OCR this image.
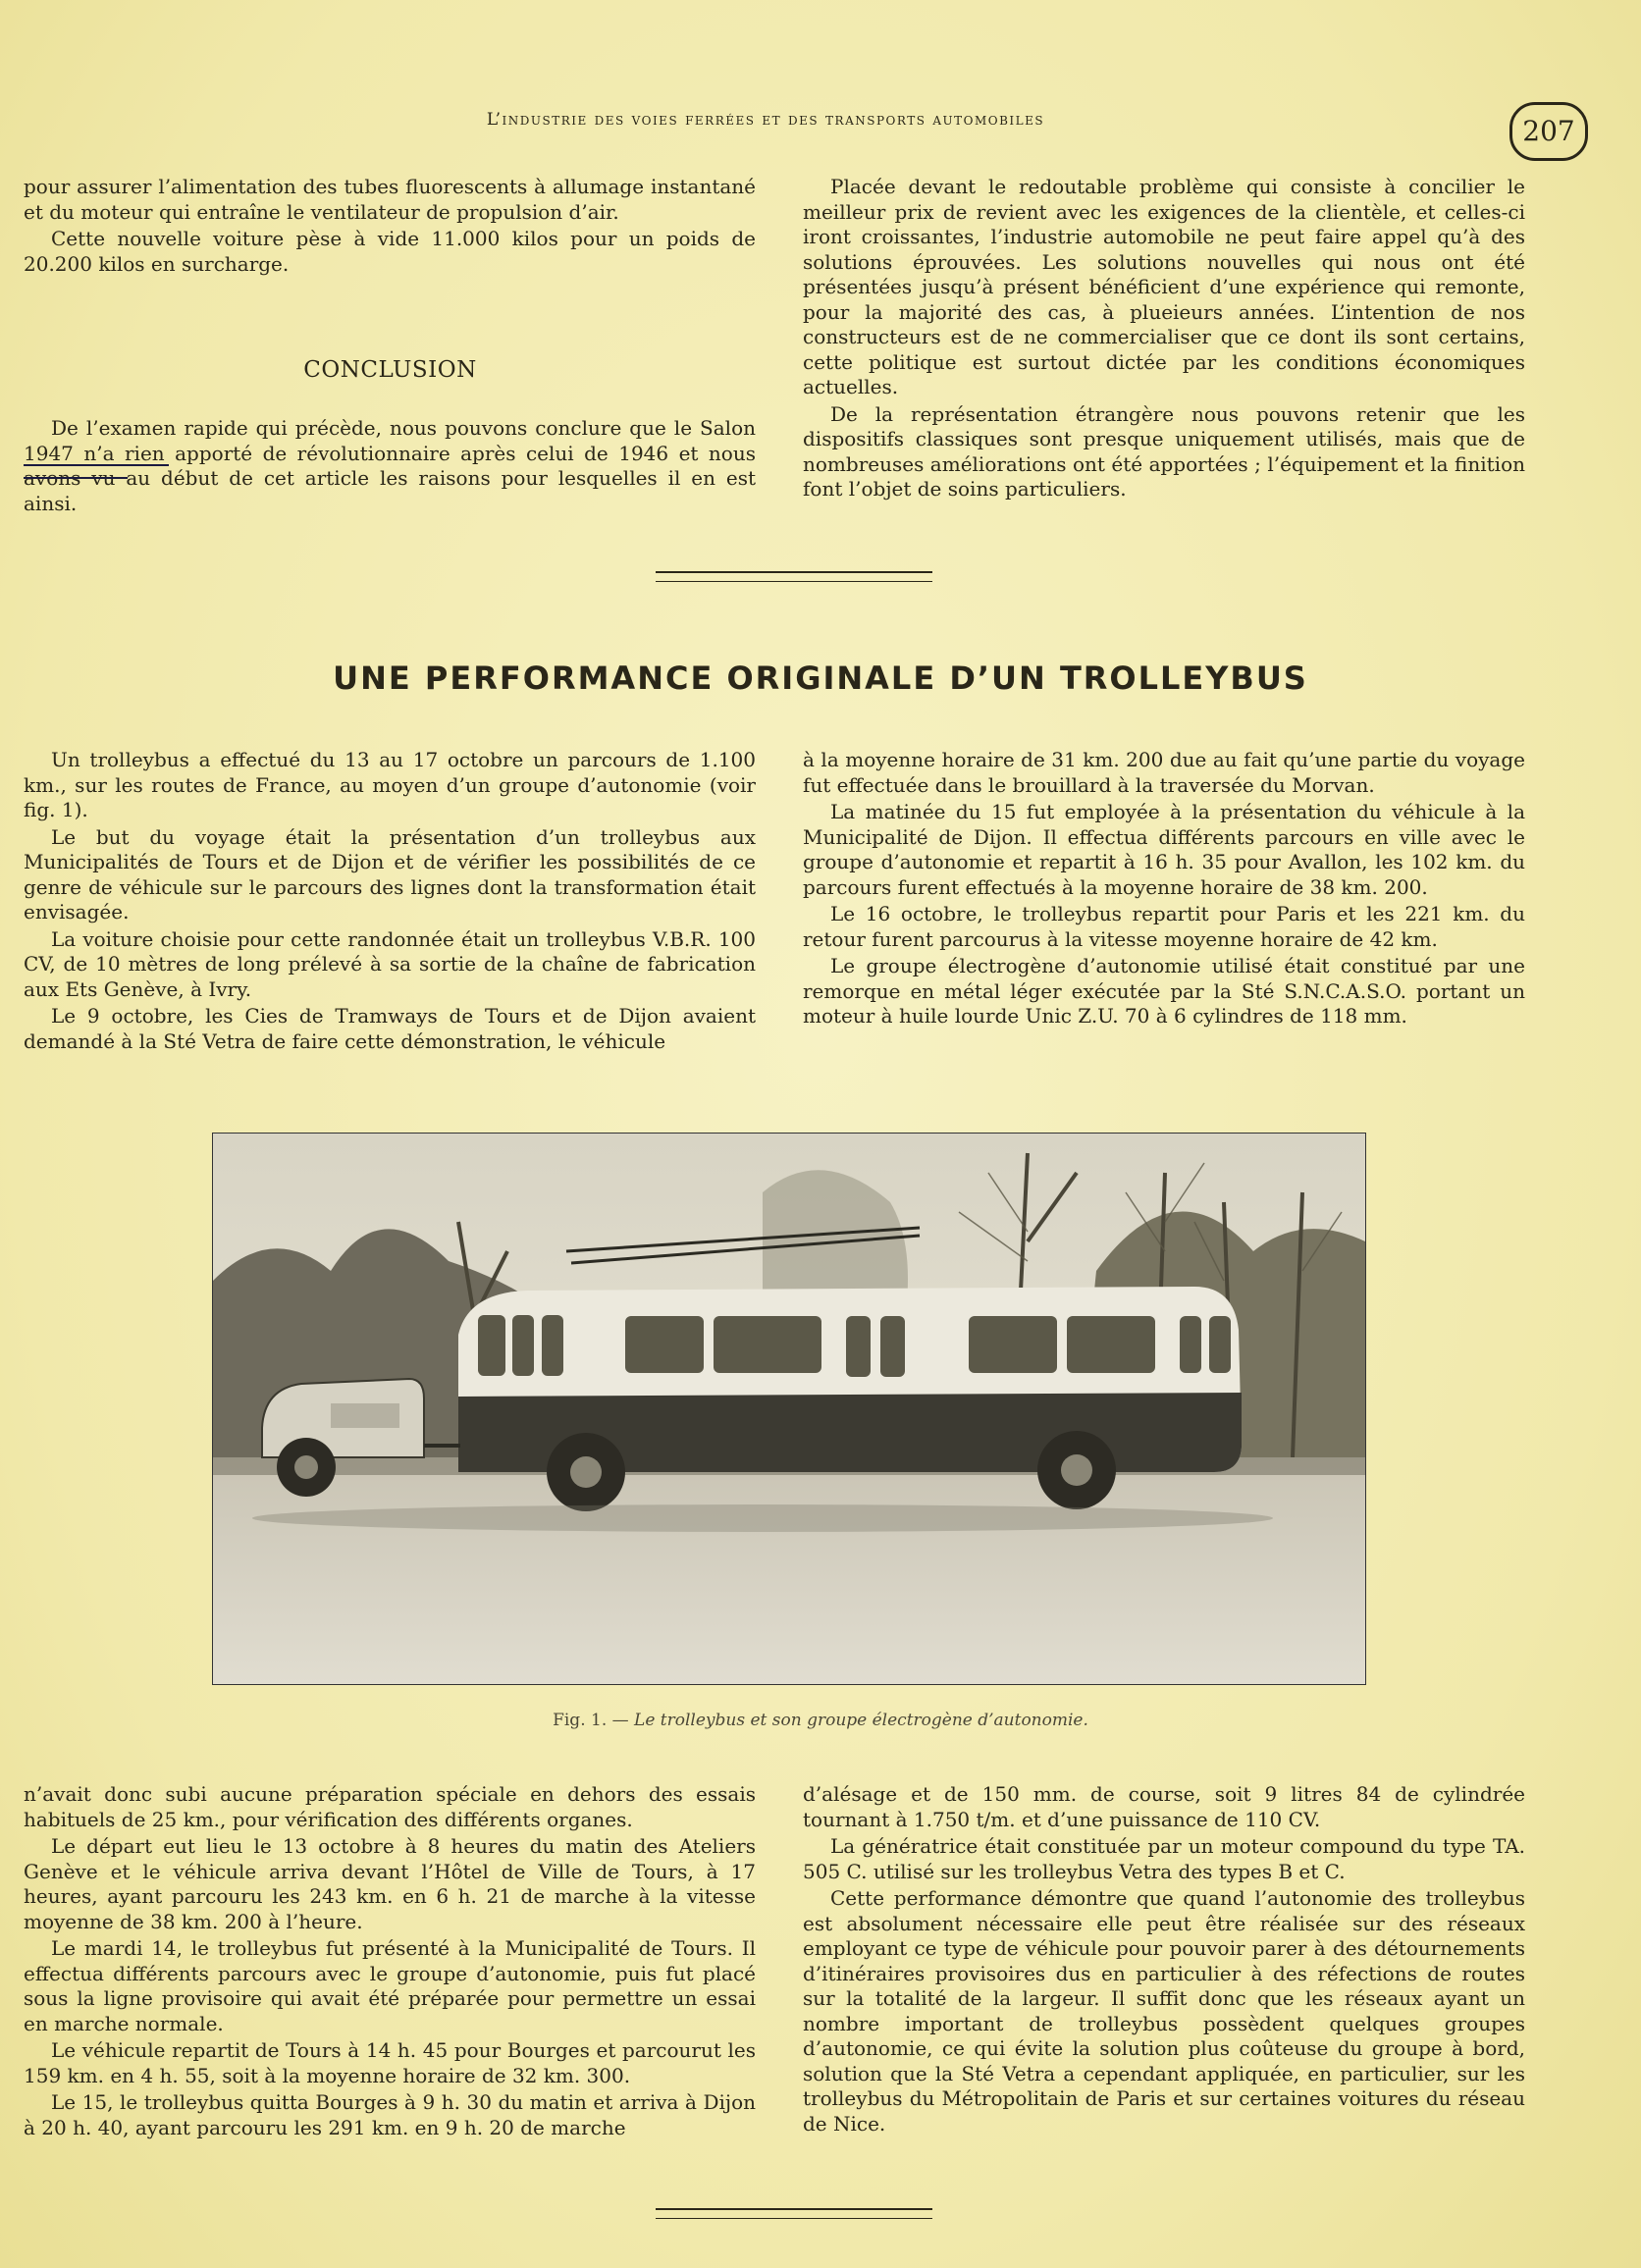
L’industrie des voies ferrées et des transports automobiles	207

pour assurer l’alimentation des tubes fluorescents à allumage instantané et du moteur qui entraîne le ventilateur de propulsion d’air.

Cette nouvelle voiture pèse à vide 11.000 kilos pour un poids de 20.200 kilos en surcharge.

CONCLUSION

De l’examen rapide qui précède, nous pouvons conclure que le Salon 1947 n’a rien apporté de révolutionnaire après celui de 1946 et nous avons vu au début de cet article les raisons pour lesquelles il en est ainsi.

Placée devant le redoutable problème qui consiste à concilier le meilleur prix de revient avec les exigences de la clientèle, et celles-ci iront croissantes, l’industrie automobile ne peut faire appel qu’à des solutions éprouvées. Les solutions nouvelles qui nous ont été présentées jusqu’à présent bénéficient d’une expérience qui remonte, pour la majorité des cas, à plueieurs années. L’intention de nos constructeurs est de ne commercialiser que ce dont ils sont certains, cette politique est surtout dictée par les conditions économiques actuelles.

De la représentation étrangère nous pouvons retenir que les dispositifs classiques sont presque uniquement utilisés, mais que de nombreuses améliorations ont été apportées ; l’équipement et la finition font l’objet de soins particuliers.

UNE PERFORMANCE ORIGINALE D’UN TROLLEYBUS

Un trolleybus a effectué du 13 au 17 octobre un parcours de 1.100 km., sur les routes de France, au moyen d’un groupe d’autonomie (voir fig. 1).

Le but du voyage était la présentation d’un trolleybus aux Municipalités de Tours et de Dijon et de vérifier les possibilités de ce genre de véhicule sur le parcours des lignes dont la transformation était envisagée.

La voiture choisie pour cette randonnée était un trolleybus V.B.R. 100 CV, de 10 mètres de long prélevé à sa sortie de la chaîne de fabrication aux Ets Genève, à Ivry.

Le 9 octobre, les Cies de Tramways de Tours et de Dijon avaient demandé à la Sté Vetra de faire cette démonstration, le véhicule

à la moyenne horaire de 31 km. 200 due au fait qu’une partie du voyage fut effectuée dans le brouillard à la traversée du Morvan.

La matinée du 15 fut employée à la présentation du véhicule à la Municipalité de Dijon. Il effectua différents parcours en ville avec le groupe d’autonomie et repartit à 16 h. 35 pour Avallon, les 102 km. du parcours furent effectués à la moyenne horaire de 38 km. 200.

Le 16 octobre, le trolleybus repartit pour Paris et les 221 km. du retour furent parcourus à la vitesse moyenne horaire de 42 km.

Le groupe électrogène d’autonomie utilisé était constitué par une remorque en métal léger exécutée par la Sté S.N.C.A.S.O. portant un moteur à huile lourde Unic Z.U. 70 à 6 cylindres de 118 mm.

Fig. 1. — Le trolleybus et son groupe électrogène d’autonomie.

n’avait donc subi aucune préparation spéciale en dehors des essais habituels de 25 km., pour vérification des différents organes.

Le départ eut lieu le 13 octobre à 8 heures du matin des Ateliers Genève et le véhicule arriva devant l’Hôtel de Ville de Tours, à 17 heures, ayant parcouru les 243 km. en 6 h. 21 de marche à la vitesse moyenne de 38 km. 200 à l’heure.

Le mardi 14, le trolleybus fut présenté à la Municipalité de Tours. Il effectua différents parcours avec le groupe d’autonomie, puis fut placé sous la ligne provisoire qui avait été préparée pour permettre un essai en marche normale.

Le véhicule repartit de Tours à 14 h. 45 pour Bourges et parcourut les 159 km. en 4 h. 55, soit à la moyenne horaire de 32 km. 300.

Le 15, le trolleybus quitta Bourges à 9 h. 30 du matin et arriva à Dijon à 20 h. 40, ayant parcouru les 291 km. en 9 h. 20 de marche

d’alésage et de 150 mm. de course, soit 9 litres 84 de cylindrée tournant à 1.750 t/m. et d’une puissance de 110 CV.

La génératrice était constituée par un moteur compound du type TA. 505 C. utilisé sur les trolleybus Vetra des types B et C.

Cette performance démontre que quand l’autonomie des trolleybus est absolument nécessaire elle peut être réalisée sur des réseaux employant ce type de véhicule pour pouvoir parer à des détournements d’itinéraires provisoires dus en particulier à des réfections de routes sur la totalité de la largeur. Il suffit donc que les réseaux ayant un nombre important de trolleybus possèdent quelques groupes d’autonomie, ce qui évite la solution plus coûteuse du groupe à bord, solution que la Sté Vetra a cependant appliquée, en particulier, sur les trolleybus du Métropolitain de Paris et sur certaines voitures du réseau de Nice.
